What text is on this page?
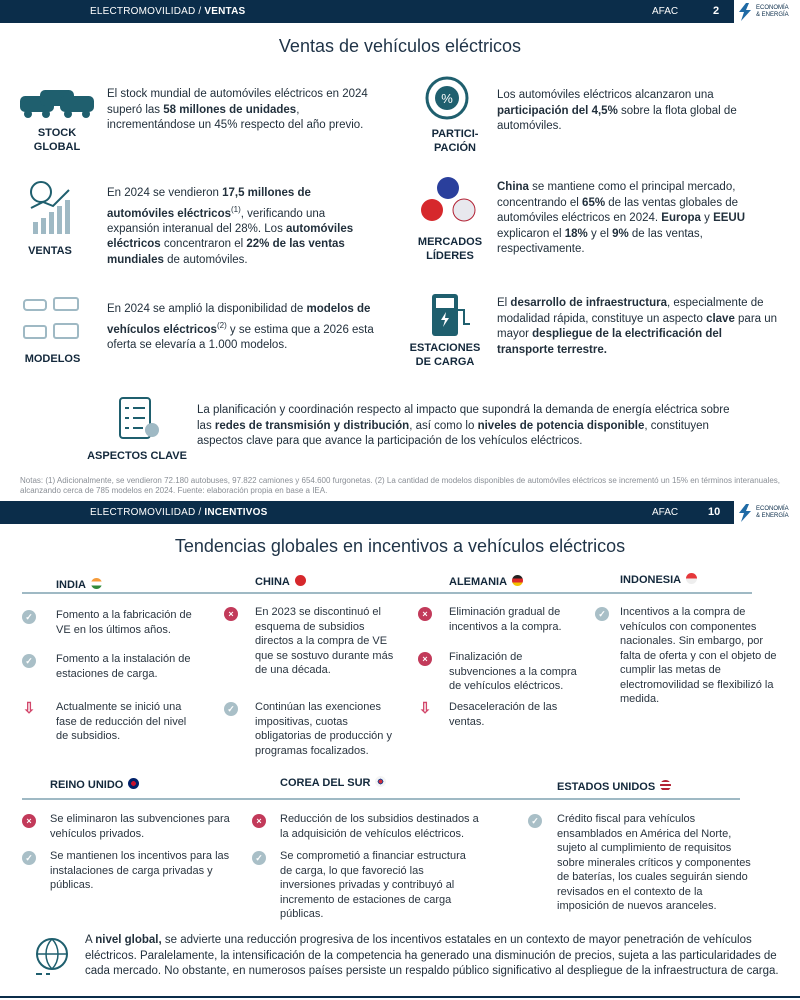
ELECTROMOVILIDAD / VENTAS	AFAC	2	ECONOMÍA
& ENERGÍA
Ventas de vehículos eléctricos
STOCK GLOBAL
El stock mundial de automóviles eléctricos en 2024 superó las 58 millones de unidades, incrementándose un 45% respecto del año previo.
%
PARTICI-PACIÓN
Los automóviles eléctricos alcanzaron una participación del 4,5% sobre la flota global de automóviles.
VENTAS
En 2024 se vendieron 17,5 millones de automóviles eléctricos$^{(1)}$, verificando una expansión interanual del 28%. Los automóviles eléctricos concentraron el 22% de las ventas mundiales de automóviles.
MERCADOS LÍDERES
China se mantiene como el principal mercado, concentrando el 65% de las ventas globales de automóviles eléctricos en 2024. Europa y EEUU explicaron el 18% y el 9% de las ventas, respectivamente.
MODELOS
En 2024 se amplió la disponibilidad de modelos de vehículos eléctricos$^{(2)}$ y se estima que a 2026 esta oferta se elevaría a 1.000 modelos.	ESTACIONES DE CARGA
El desarrollo de infraestructura, especialmente de modalidad rápida, constituye un aspecto clave para un mayor despliegue de la electrificación del transporte terrestre.
ASPECTOS CLAVE
La planificación y coordinación respecto al impacto que supondrá la demanda de energía eléctrica sobre las redes de transmisión y distribución, así como lo niveles de potencia disponible, constituyen aspectos clave para que avance la participación de los vehículos eléctricos.
Notas: (1) Adicionalmente, se vendieron 72.180 autobuses, 97.822 camiones y 654.600 furgonetas. (2) La cantidad de modelos disponibles de automóviles eléctricos se incrementó un 15% en términos interanuales, alcanzando cerca de 785 modelos en 2024. Fuente: elaboración propia en base a IEA.
ELECTROMOVILIDAD / INCENTIVOS	AFAC	10	ECONOMÍA
& ENERGÍA
Tendencias globales en incentivos a vehículos eléctricos
INDIA
✓ Fomento a la fabricación de VE en los últimos años.
✓ Fomento a la instalación de estaciones de carga.
⇩ Actualmente se inició una fase de reducción del nivel de subsidios.
CHINA
×	En 2023 se discontinuó el esquema de subsidios directos a la compra de VE que se sostuvo durante más de una década.
✓ Continúan las exenciones impositivas, cuotas obligatorias de producción y programas focalizados.
ALEMANIA
×	Eliminación gradual de incentivos a la compra.
×	Finalización de subvenciones a la compra de vehículos eléctricos.
⇩ Desaceleración de las ventas.
INDONESIA
✓ Incentivos a la compra de vehículos con componentes nacionales. Sin embargo, por falta de oferta y con el objeto de cumplir las metas de electromovilidad se flexibilizó la medida.
REINO UNIDO
×	Se eliminaron las subvenciones para vehículos privados.
✓ Se mantienen los incentivos para las instalaciones de carga privadas y públicas.
COREA DEL SUR
×	Reducción de los subsidios destinados a la adquisición de vehículos eléctricos.
✓ Se comprometió a financiar estructura de carga, lo que favoreció las inversiones privadas y contribuyó al incremento de estaciones de carga públicas.
ESTADOS UNIDOS
✓ Crédito fiscal para vehículos ensamblados en América del Norte, sujeto al cumplimiento de requisitos sobre minerales críticos y componentes de baterías, los cuales seguirán siendo revisados en el contexto de la imposición de nuevos aranceles.
A nivel global, se advierte una reducción progresiva de los incentivos estatales en un contexto de mayor penetración de vehículos eléctricos. Paralelamente, la intensificación de la competencia ha generado una disminución de precios, sujeta a las particularidades de cada mercado. No obstante, en numerosos países persiste un respaldo público significativo al despliegue de la infraestructura de carga.
